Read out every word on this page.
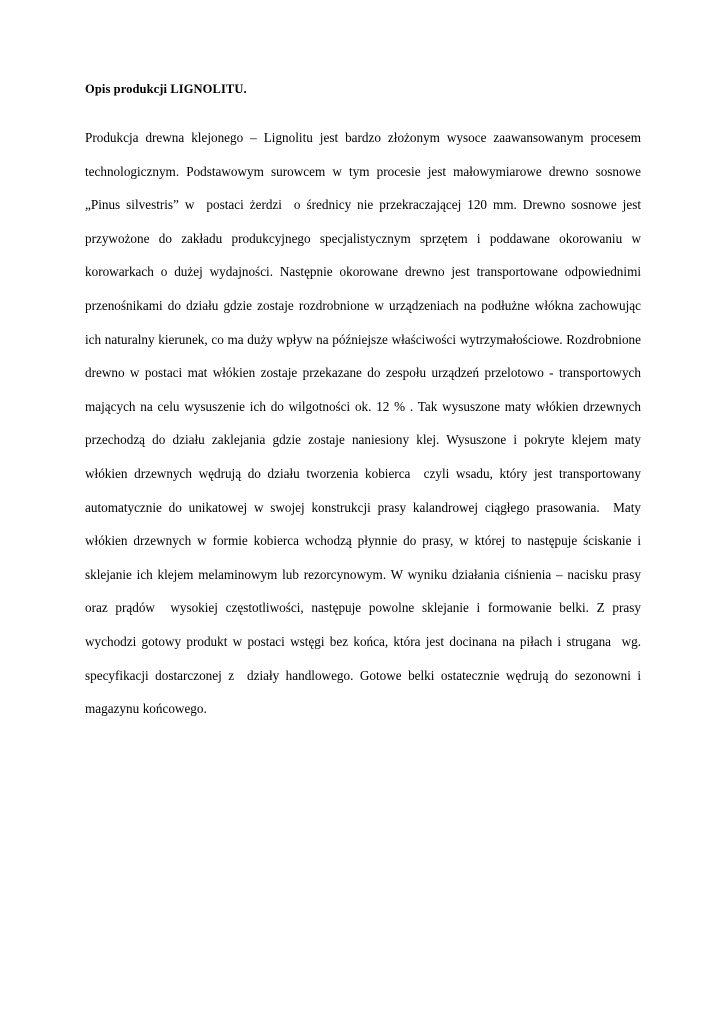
Opis produkcji LIGNOLITU.

Produkcja drewna klejonego – Lignolitu jest bardzo złożonym wysoce zaawansowanym procesem technologicznym. Podstawowym surowcem w tym procesie jest małowymiarowe drewno sosnowe „Pinus silvestris” w  postaci żerdzi  o średnicy nie przekraczającej 120 mm. Drewno sosnowe jest przywożone do zakładu produkcyjnego specjalistycznym sprzętem i poddawane okorowaniu w korowarkach o dużej wydajności. Następnie okorowane drewno jest transportowane odpowiednimi przenośnikami do działu gdzie zostaje rozdrobnione w urządzeniach na podłużne włókna zachowując ich naturalny kierunek, co ma duży wpływ na późniejsze właściwości wytrzymałościowe. Rozdrobnione drewno w postaci mat włókien zostaje przekazane do zespołu urządzeń przelotowo - transportowych mających na celu wysuszenie ich do wilgotności ok. 12 % . Tak wysuszone maty włókien drzewnych przechodzą do działu zaklejania gdzie zostaje naniesiony klej. Wysuszone i pokryte klejem maty włókien drzewnych wędrują do działu tworzenia kobierca  czyli wsadu, który jest transportowany automatycznie do unikatowej w swojej konstrukcji prasy kalandrowej ciągłego prasowania.  Maty włókien drzewnych w formie kobierca wchodzą płynnie do prasy, w której to następuje ściskanie i sklejanie ich klejem melaminowym lub rezorcynowym. W wyniku działania ciśnienia – nacisku prasy oraz prądów  wysokiej częstotliwości, następuje powolne sklejanie i formowanie belki. Z prasy wychodzi gotowy produkt w postaci wstęgi bez końca, która jest docinana na piłach i strugana  wg. specyfikacji dostarczonej z  działy handlowego. Gotowe belki ostatecznie wędrują do sezonowni i magazynu końcowego.
